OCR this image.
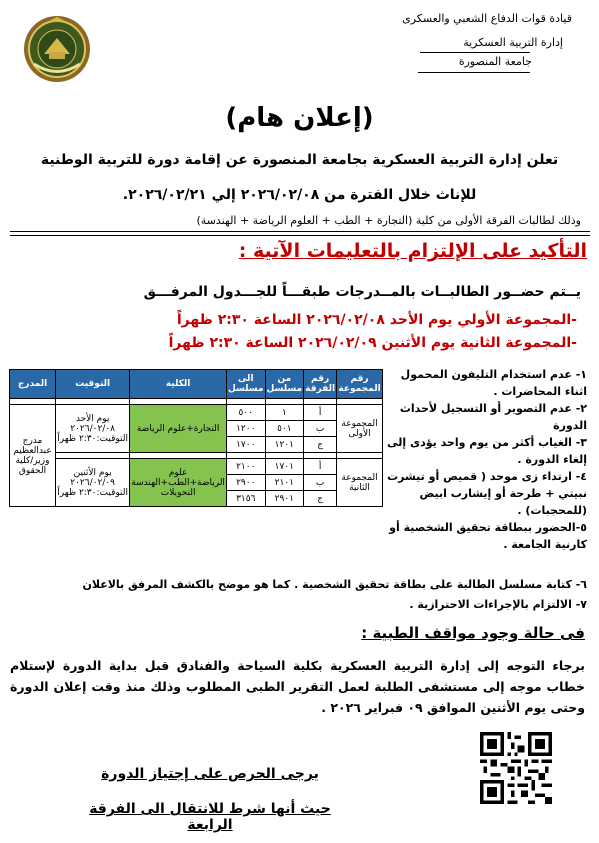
قيادة قوات الدفاع الشعبي والعسكرى
إدارة التربية العسكرية
جامعة المنصورة
(إعلان هام)
تعلن إدارة التربية العسكرية بجامعة المنصورة عن إقامة دورة للتربية الوطنية
للإناث خلال الفترة من ٢٠٢٦/٠٢/٠٨ إلي ٢٠٢٦/٠٢/٢١.
وذلك لطالبات الفرقة الأولى من كلية (التجارة + الطب + العلوم الرياضة + الهندسة)
التأكيد على الإلتزام بالتعليمات الآتية :
يــتم حضــور الطالبــات بالمــدرجات طبقـــاً للجـــدول المرفـــق
-المجموعة الأولي يوم الأحد ٢٠٢٦/٠٢/٠٨ الساعة ٢:٣٠ ظهراً
-المجموعة الثانية يوم الأثنين ٢٠٢٦/٠٢/٠٩ الساعة ٢:٣٠ ظهراً
رقم المجموعة	رقم الفرقة	من مسلسل	الى مسلسل	الكلية	التوقيت	المدرج

المجموعة الأولى	أ	١	٥٠٠	التجارة+علوم الرياضة	يوم الأحد ٢٠٢٦/٠٢/٠٨ التوقيت:٢:٣٠ ظهراً	مدرج عبدالعظيم وزير/كلية الحقوق
	ب	٥٠١	١٢٠٠			
	ج	١٢٠١	١٧٠٠			

المجموعة الثانية	أ	١٧٠١	٢١٠٠	علوم الرياضة+الطب+الهندسة التحويلات	يوم الأثنين ٢٠٢٦/٠٢/٠٩ التوقيت:٢:٣٠ ظهراً	
	ب	٢١٠١	٢٩٠٠			
	ج	٢٩٠١	٣١٥٦			
١- عدم استخدام التليفون المحمول اثناء المحاضرات .
٢- عدم التصوير أو التسجيل لأحداث الدورة
٣- الغياب أكثر من يوم واحد يؤدى إلى إلغاء الدورة .
٤- ارتداء زى موحد ( قميص أو تيشرت نبيتي + طرحة أو إيشارب ابيض (للمحجبات) .
٥-الحضور ببطاقة تحقيق الشخصية أو كارنية الجامعة .
٦- كتابة مسلسل الطالبة على بطاقة تحقيق الشخصية . كما هو موضح بالكشف المرفق بالاعلان
٧- الالتزام بالإجراءات الاحترازية .
فى حالة وجود مواقف الطبية :
برجاء التوجه إلى إدارة التربية العسكرية بكلية السياحة والفنادق قبل بداية الدورة لإستلام خطاب موجه إلى مستشفى الطلبة لعمل التقرير الطبى المطلوب وذلك منذ وقت إعلان الدورة وحتى يوم الأثنين الموافق ٠٩ فبراير ٢٠٢٦ .
يرجى الحرص على إجتياز الدورة
حيث أنها شرط للانتقال الى الفرقة الرابعة
